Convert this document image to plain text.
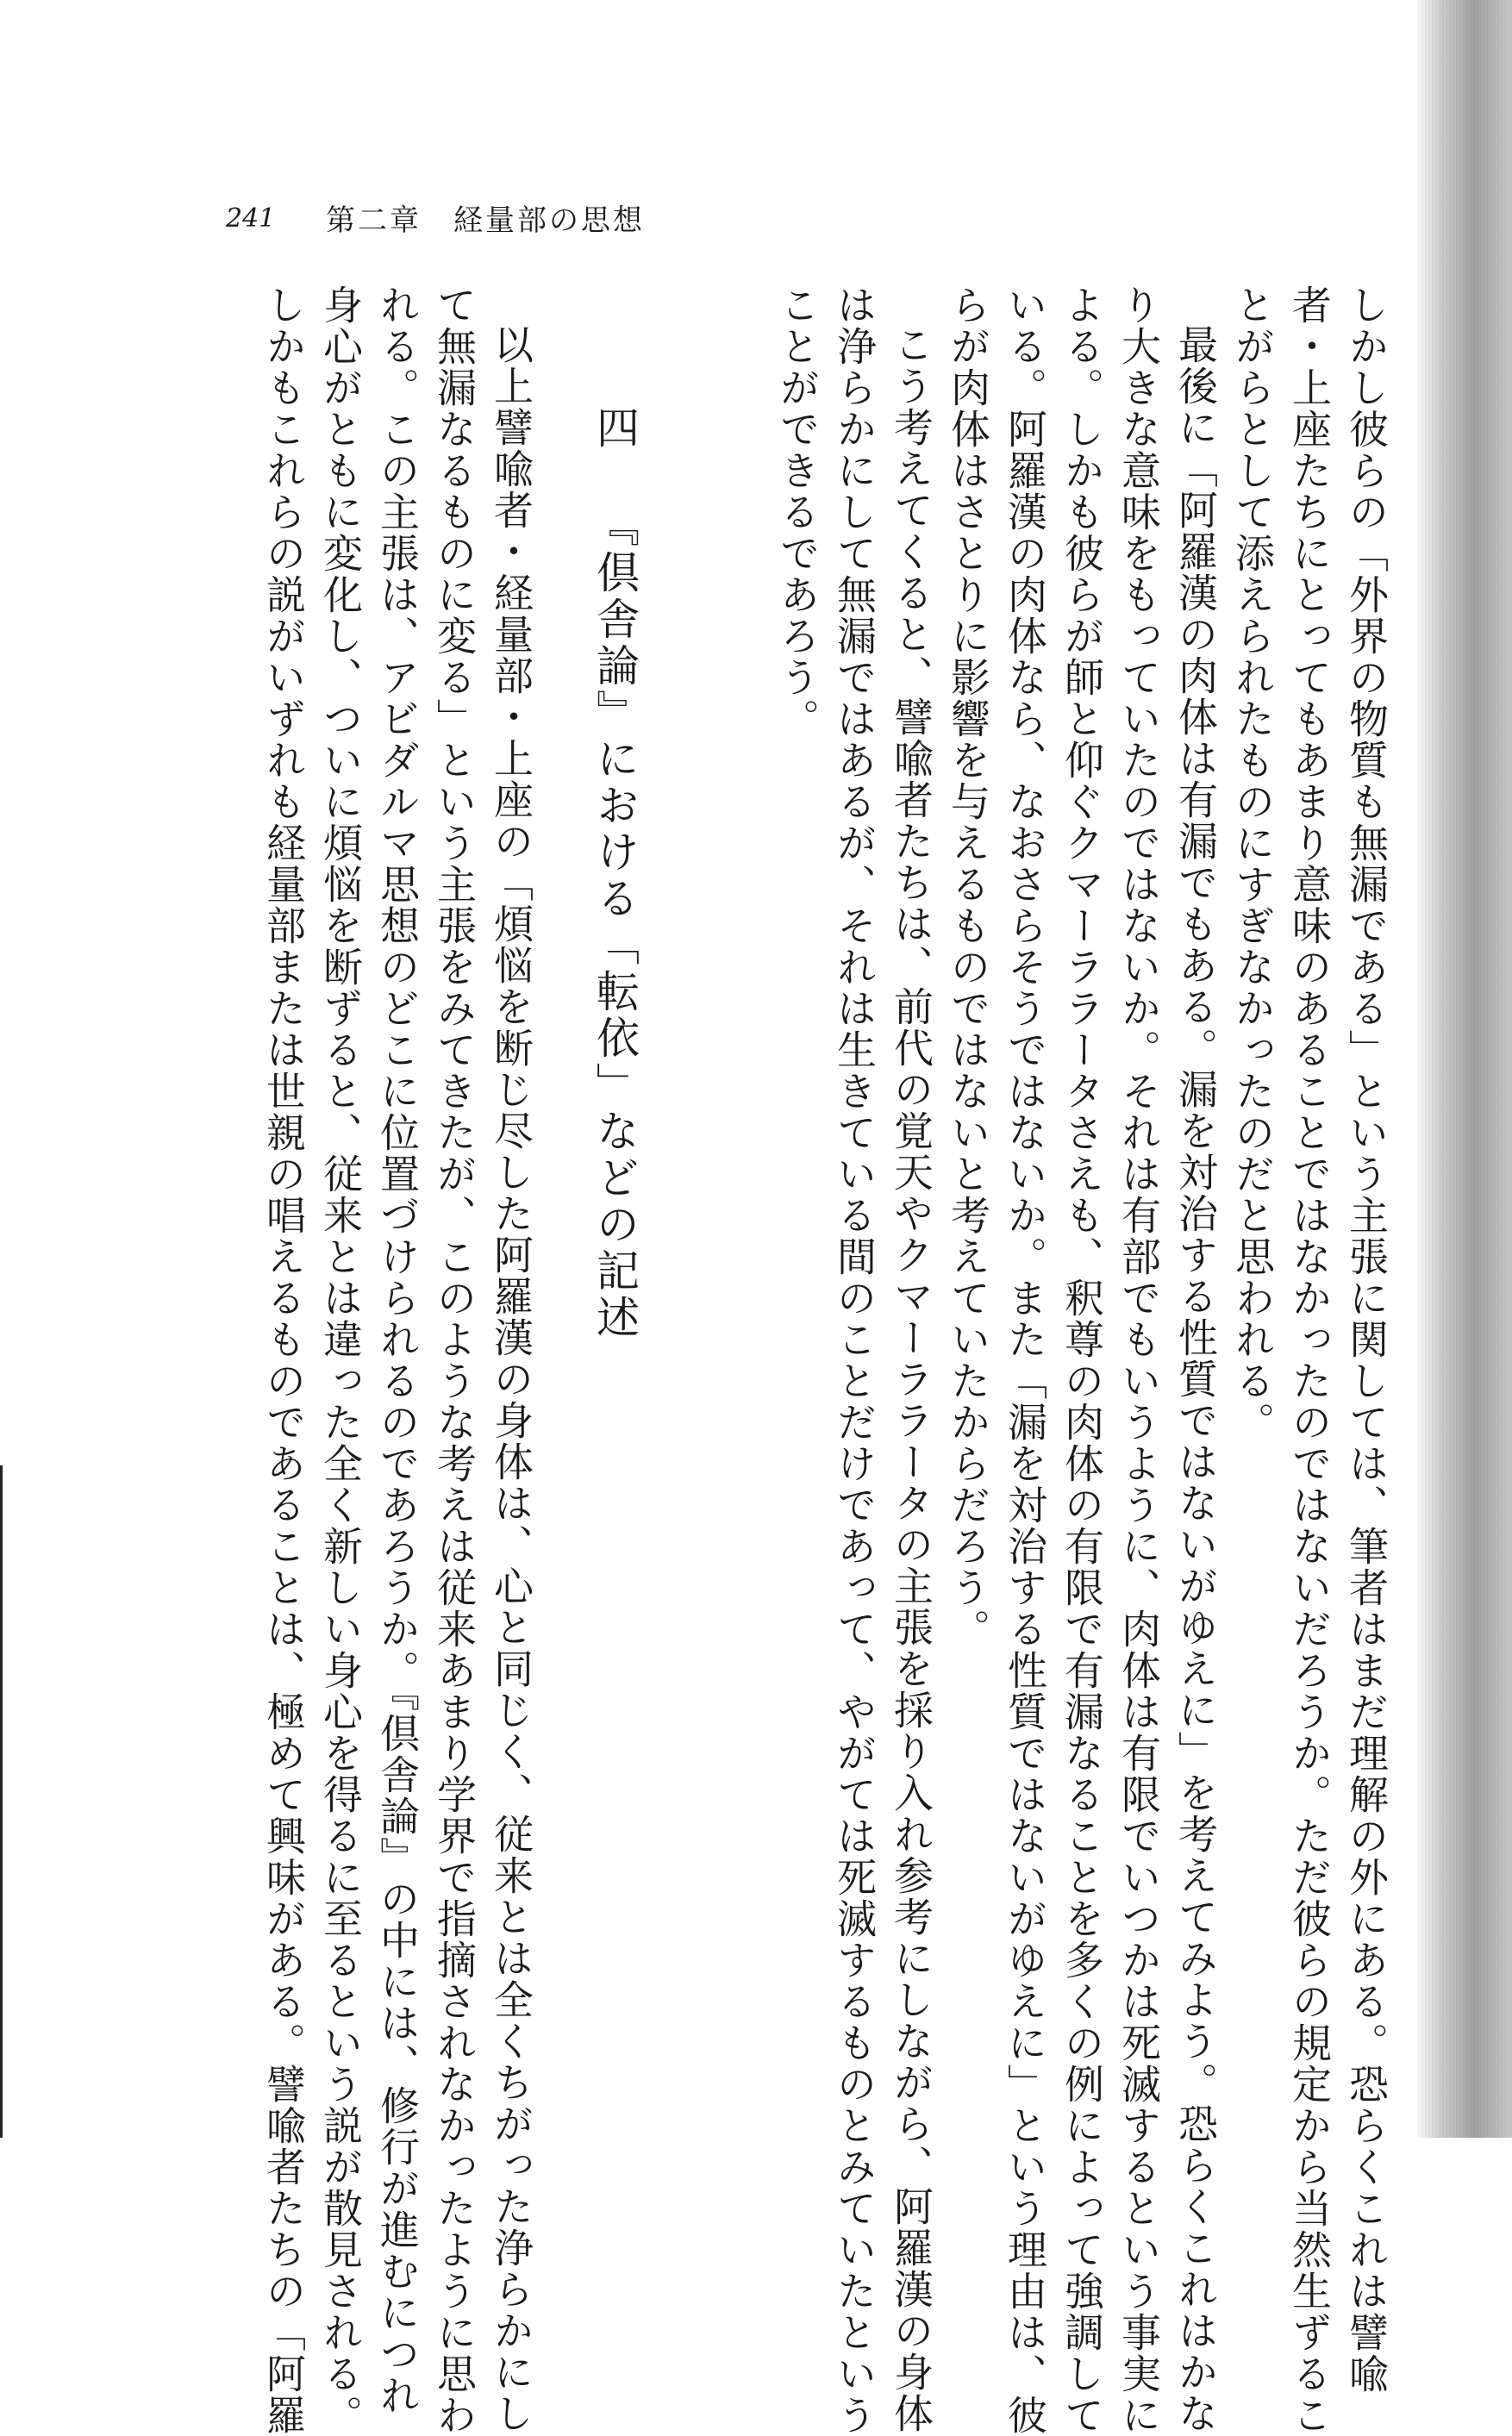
241 第二章　経量部の思想
しかし彼らの「外界の物質も無漏である」という主張に関しては、筆者はまだ理解の外にある。恐らくこれは譬喩
者・上座たちにとってもあまり意味のあることではなかったのではないだろうか。ただ彼らの規定から当然生ずるこ
とがらとして添えられたものにすぎなかったのだと思われる。
最後に「阿羅漢の肉体は有漏でもある。漏を対治する性質ではないがゆえに」を考えてみよう。恐らくこれはかな
り大きな意味をもっていたのではないか。それは有部でもいうように、肉体は有限でいつかは死滅するという事実に
よる。しかも彼らが師と仰ぐクマーララータさえも、釈尊の肉体の有限で有漏なることを多くの例によって強調して
いる。阿羅漢の肉体なら、なおさらそうではないか。また「漏を対治する性質ではないがゆえに」という理由は、彼
らが肉体はさとりに影響を与えるものではないと考えていたからだろう。
こう考えてくると、譬喩者たちは、前代の覚天やクマーララータの主張を採り入れ参考にしながら、阿羅漢の身体
は浄らかにして無漏ではあるが、それは生きている間のことだけであって、やがては死滅するものとみていたという
ことができるであろう。
四『倶舎論』における「転依」などの記述
以上譬喩者・経量部・上座の「煩悩を断じ尽した阿羅漢の身体は、心と同じく、従来とは全くちがった浄らかにし
て無漏なるものに変る」という主張をみてきたが、このような考えは従来あまり学界で指摘されなかったように思わ
れる。この主張は、アビダルマ思想のどこに位置づけられるのであろうか。『倶舎論』の中には、修行が進むにつれ
身心がともに変化し、ついに煩悩を断ずると、従来とは違った全く新しい身心を得るに至るという説が散見される。
しかもこれらの説がいずれも経量部または世親の唱えるものであることは、極めて興味がある。譬喩者たちの「阿羅
